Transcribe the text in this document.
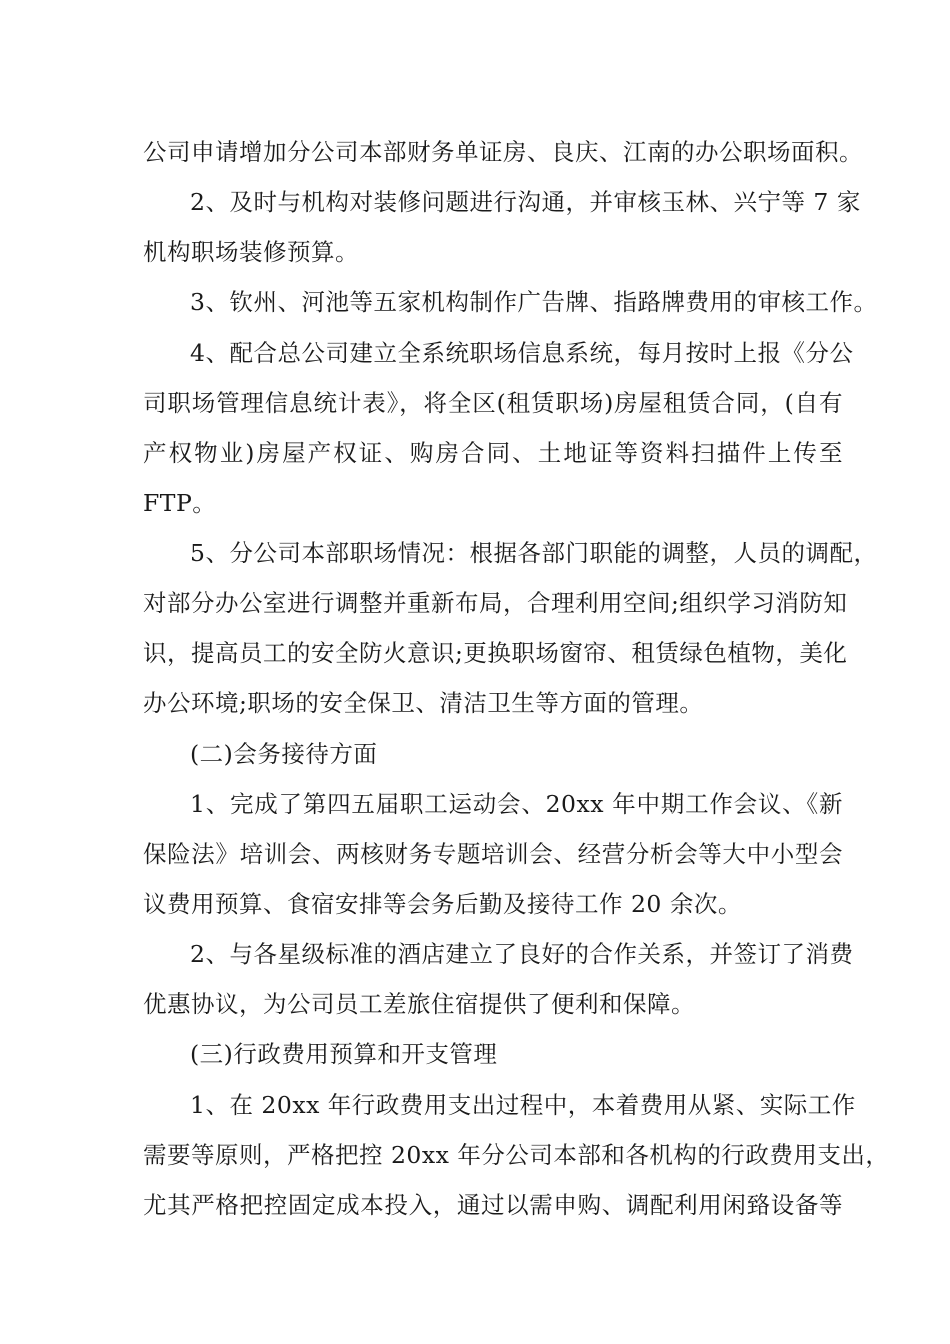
公司申请增加分公司本部财务单证房、良庆、江南的办公职场面积。
2、及时与机构对装修问题进行沟通，并审核玉林、兴宁等 7 家
机构职场装修预算。
3、钦州、河池等五家机构制作广告牌、指路牌费用的审核工作。
4、配合总公司建立全系统职场信息系统，每月按时上报《分公
司职场管理信息统计表》，将全区(租赁职场)房屋租赁合同，(自有
产权物业)房屋产权证、购房合同、土地证等资料扫描件上传至
FTP。
5、分公司本部职场情况：根据各部门职能的调整，人员的调配，
对部分办公室进行调整并重新布局，合理利用空间;组织学习消防知
识，提高员工的安全防火意识;更换职场窗帘、租赁绿色植物，美化
办公环境;职场的安全保卫、清洁卫生等方面的管理。
(二)会务接待方面
1、完成了第四五届职工运动会、20xx 年中期工作会议、《新
保险法》培训会、两核财务专题培训会、经营分析会等大中小型会
议费用预算、食宿安排等会务后勤及接待工作 20 余次。
2、与各星级标准的酒店建立了良好的合作关系，并签订了消费
优惠协议，为公司员工差旅住宿提供了便利和保障。
(三)行政费用预算和开支管理
1、在 20xx 年行政费用支出过程中，本着费用从紧、实际工作
需要等原则，严格把控 20xx 年分公司本部和各机构的行政费用支出，
尤其严格把控固定成本投入，通过以需申购、调配利用闲臵设备等
